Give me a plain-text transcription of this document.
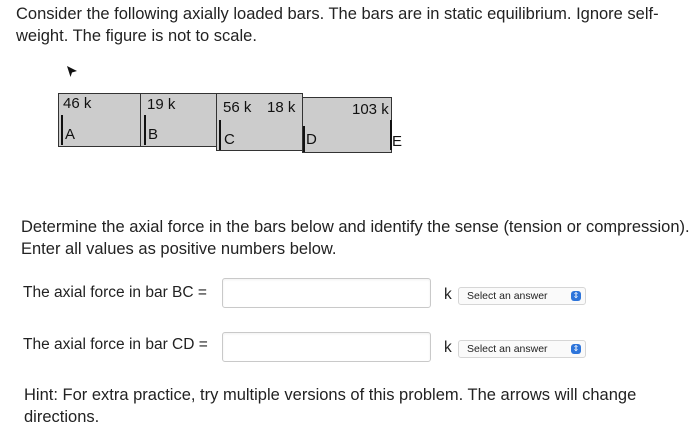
Consider the following axially loaded bars. The bars are in static equilibrium. Ignore self-weight. The figure is not to scale.
46 k	19 k	56 k 18 k	103 k
A	B	C	D	E
Determine the axial force in the bars below and identify the sense (tension or compression). Enter all values as positive numbers below.
The axial force in bar BC =	k	Select an answer	⇕
The axial force in bar CD =	k	Select an answer	⇕
Hint: For extra practice, try multiple versions of this problem. The arrows will change directions.
